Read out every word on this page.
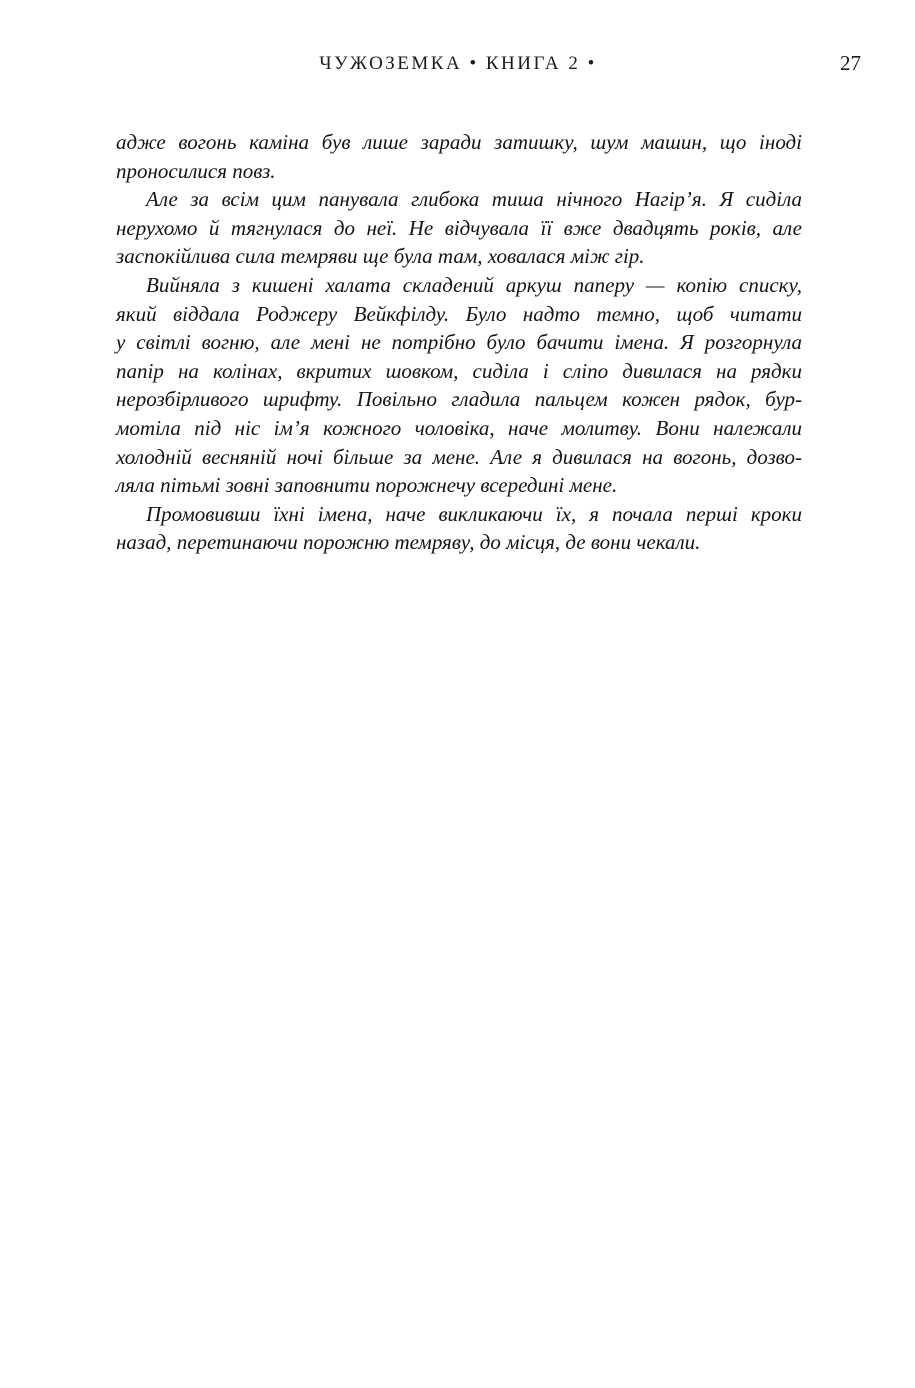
ЧУЖОЗЕМКА • КНИГА 2 •	27
адже вогонь каміна був лише заради затишку, шум машин, що іноді
проносилися повз.
Але за всім цим панувала глибока тиша нічного Нагір’я. Я сиділа
нерухомо й тягнулася до неї. Не відчувала її вже двадцять років, але
заспокійлива сила темряви ще була там, ховалася між гір.
Вийняла з кишені халата складений аркуш паперу — копію списку,
який віддала Роджеру Вейкфілду. Було надто темно, щоб читати
у світлі вогню, але мені не потрібно було бачити імена. Я розгорнула
папір на колінах, вкритих шовком, сиділа і сліпо дивилася на рядки
нерозбірливого шрифту. Повільно гладила пальцем кожен рядок, бур-
мотіла під ніс ім’я кожного чоловіка, наче молитву. Вони належали
холодній весняній ночі більше за мене. Але я дивилася на вогонь, дозво-
ляла пітьмі зовні заповнити порожнечу всередині мене.
Промовивши їхні імена, наче викликаючи їх, я почала перші кроки
назад, перетинаючи порожню темряву, до місця, де вони чекали.
